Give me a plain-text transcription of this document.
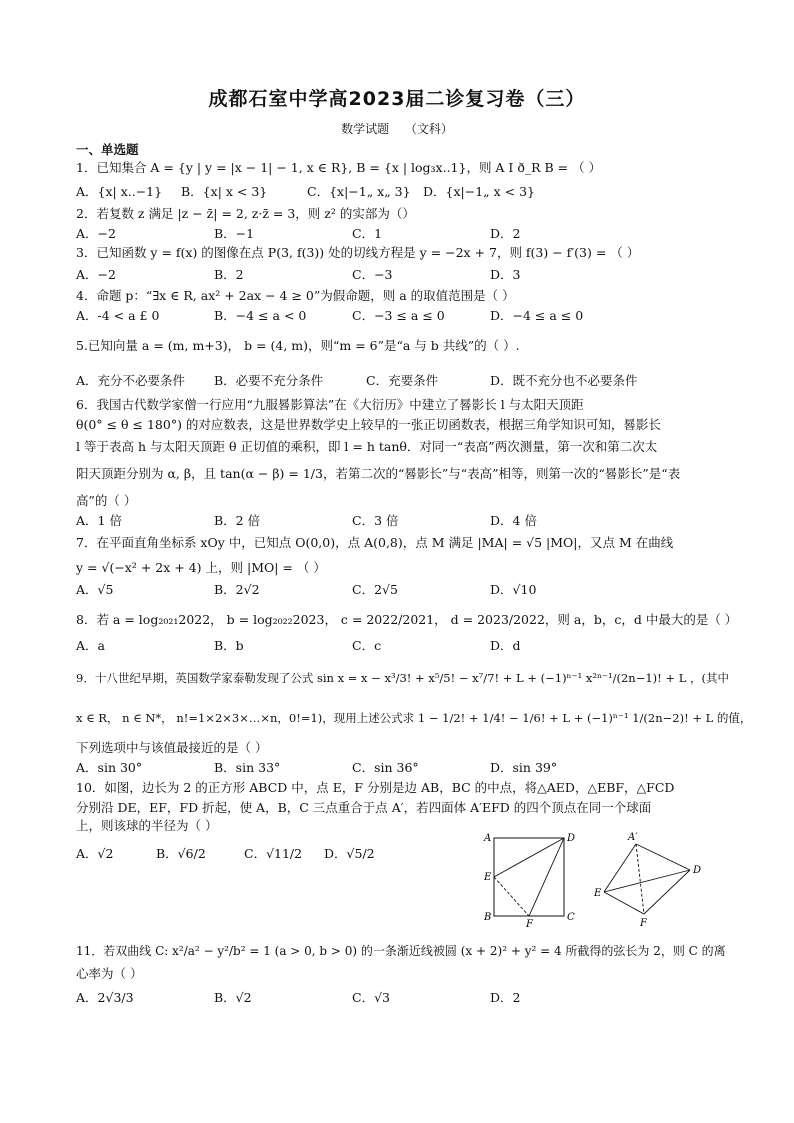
成都石室中学高2023届二诊复习卷（三）
数学试题 （文科）
一、单选题
1．已知集合 A = {y | y = |x − 1| − 1, x ∈ R}, B = {x | log₃x..1}，则 A I ð_R B = （ ）
A．{x| x..−1} B．{x| x < 3}	C．{x|−1„ x„ 3} D．{x|−1„ x < 3}
2．若复数 z 满足 |z − z̄| = 2, z·z̄ = 3，则 z² 的实部为（）
A．−2	B．−1	C．1	D．2
3．已知函数 y = f(x) 的图像在点 P(3, f(3)) 处的切线方程是 y = −2x + 7，则 f(3) − f′(3) = （ ）
A．−2	B．2	C．−3	D．3
4．命题 p：“∃x ∈ R, ax² + 2ax − 4 ≥ 0”为假命题，则 a 的取值范围是（ ）
A．-4 < a £ 0	B．−4 ≤ a < 0	C．−3 ≤ a ≤ 0	D．−4 ≤ a ≤ 0
5.已知向量 a = (m, m+3)， b = (4, m)，则“m = 6”是“a 与 b 共线”的（ ）.
A．充分不必要条件 B．必要不充分条件	C．充要条件	D．既不充分也不必要条件
6．我国古代数学家僧一行应用“九服晷影算法”在《大衍历》中建立了晷影长 l 与太阳天顶距
θ(0° ≤ θ ≤ 180°) 的对应数表，这是世界数学史上较早的一张正切函数表，根据三角学知识可知，晷影长
l 等于表高 h 与太阳天顶距 θ 正切值的乘积，即 l = h tanθ．对同一“表高”两次测量，第一次和第二次太
阳天顶距分别为 α, β，且 tan(α − β) = 1/3，若第二次的“晷影长”与“表高”相等，则第一次的“晷影长”是“表
高”的（ ）
A．1 倍	B．2 倍	C．3 倍	D．4 倍
7．在平面直角坐标系 xOy 中，已知点 O(0,0)，点 A(0,8)，点 M 满足 |MA| = √5 |MO|，又点 M 在曲线
y = √(−x² + 2x + 4) 上，则 |MO| = （ ）
A．√5	B．2√2	C．2√5	D．√10
8．若 a = log₂₀₂₁2022， b = log₂₀₂₂2023， c = 2022/2021， d = 2023/2022，则 a，b，c，d 中最大的是（ ）
A．a	B．b	C．c	D．d
9．十八世纪早期，英国数学家泰勒发现了公式 sin x = x − x³/3! + x⁵/5! − x⁷/7! + L + (−1)ⁿ⁻¹ x²ⁿ⁻¹/(2n−1)! + L ，(其中
x ∈ R， n ∈ N*， n!=1×2×3×…×n，0!=1)，现用上述公式求 1 − 1/2! + 1/4! − 1/6! + L + (−1)ⁿ⁻¹ 1/(2n−2)! + L 的值，
下列选项中与该值最接近的是（ ）
A．sin 30°	B．sin 33°	C．sin 36°	D．sin 39°
10．如图，边长为 2 的正方形 ABCD 中，点 E，F 分别是边 AB，BC 的中点，将△AED，△EBF，△FCD
分别沿 DE，EF，FD 折起，使 A，B，C 三点重合于点 A′，若四面体 A′EFD 的四个顶点在同一个球面
上，则该球的半径为（ ）
A．√2	B．√6/2	C．√11/2 D．√5/2
A	D
E
B
F
C
A′
D
E
F
11．若双曲线 C: x²/a² − y²/b² = 1 (a > 0, b > 0) 的一条渐近线被圆 (x + 2)² + y² = 4 所截得的弦长为 2，则 C 的离
心率为（ ）
A．2√3/3	B．√2	C．√3	D．2
